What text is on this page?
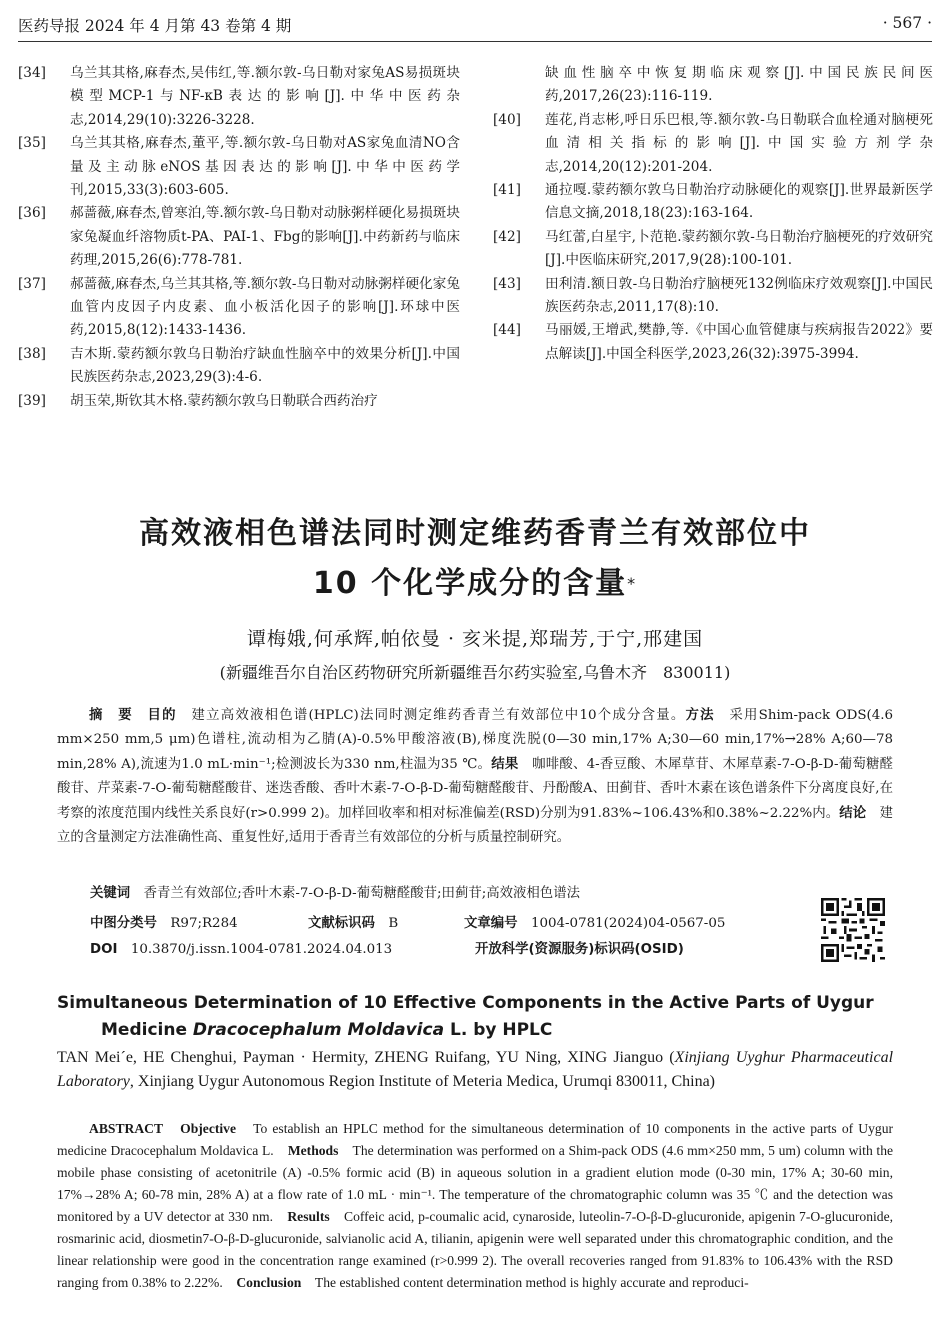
医药导报 2024 年 4 月第 43 卷第 4 期	· 567 ·
[34]	乌兰其其格,麻春杰,吴伟红,等.额尔敦-乌日勒对家兔AS易损斑块模型MCP-1与NF-κB表达的影响[J].中华中医药杂志,2014,29(10):3226-3228.
[35]	乌兰其其格,麻春杰,董平,等.额尔敦-乌日勒对AS家兔血清NO含量及主动脉eNOS基因表达的影响[J].中华中医药学刊,2015,33(3):603-605.
[36]	郝蔷薇,麻春杰,曾寒泊,等.额尔敦-乌日勒对动脉粥样硬化易损斑块家兔凝血纤溶物质t-PA、PAI-1、Fbg的影响[J].中药新药与临床药理,2015,26(6):778-781.
[37]	郝蔷薇,麻春杰,乌兰其其格,等.额尔敦-乌日勒对动脉粥样硬化家兔血管内皮因子内皮素、血小板活化因子的影响[J].环球中医药,2015,8(12):1433-1436.
[38]	吉木斯.蒙药额尔敦乌日勒治疗缺血性脑卒中的效果分析[J].中国民族医药杂志,2023,29(3):4-6.
[39]	胡玉荣,斯钦其木格.蒙药额尔敦乌日勒联合西药治疗
缺血性脑卒中恢复期临床观察[J].中国民族民间医药,2017,26(23):116-119.
[40]	莲花,肖志彬,呼日乐巴根,等.额尔敦-乌日勒联合血栓通对脑梗死血清相关指标的影响[J].中国实验方剂学杂志,2014,20(12):201-204.
[41]	通拉嘎.蒙药额尔敦乌日勒治疗动脉硬化的观察[J].世界最新医学信息文摘,2018,18(23):163-164.
[42]	马红蕾,白星宇,卜范艳.蒙药额尔敦-乌日勒治疗脑梗死的疗效研究[J].中医临床研究,2017,9(28):100-101.
[43]	田利清.额日敦-乌日勒治疗脑梗死132例临床疗效观察[J].中国民族医药杂志,2011,17(8):10.
[44]	马丽媛,王增武,樊静,等.《中国心血管健康与疾病报告2022》要点解读[J].中国全科医学,2023,26(32):3975-3994.
高效液相色谱法同时测定维药香青兰有效部位中
10 个化学成分的含量*
谭梅娥,何承辉,帕依曼 · 亥米提,郑瑞芳,于宁,邢建国
(新疆维吾尔自治区药物研究所新疆维吾尔药实验室,乌鲁木齐　830011)
摘　要　 目的　 建立高效液相色谱(HPLC)法同时测定维药香青兰有效部位中10个成分含量。方法　 采用Shim-pack ODS(4.6 mm×250 mm,5 μm)色谱柱,流动相为乙腈(A)-0.5%甲酸溶液(B),梯度洗脱(0—30 min,17% A;30—60 min,17%→28% A;60—78 min,28% A),流速为1.0 mL·min⁻¹;检测波长为330 nm,柱温为35 ℃。结果　 咖啡酸、4-香豆酸、木犀草苷、木犀草素-7-O-β-D-葡萄糖醛酸苷、芹菜素-7-O-葡萄糖醛酸苷、迷迭香酸、香叶木素-7-O-β-D-葡萄糖醛酸苷、丹酚酸A、田蓟苷、香叶木素在该色谱条件下分离度良好,在考察的浓度范围内线性关系良好(r>0.999 2)。加样回收率和相对标准偏差(RSD)分别为91.83%~106.43%和0.38%~2.22%内。结论　 建立的含量测定方法准确性高、重复性好,适用于香青兰有效部位的分析与质量控制研究。
关键词　 香青兰有效部位;香叶木素-7-O-β-D-葡萄糖醛酸苷;田蓟苷;高效液相色谱法
中图分类号　 R97;R284	文献标识码　 B	文章编号　 1004-0781(2024)04-0567-05
DOI　 10.3870/j.issn.1004-0781.2024.04.013	开放科学(资源服务)标识码(OSID)
Simultaneous Determination of 10 Effective Components in the Active Parts of Uygur
Medicine Dracocephalum Moldavica L. by HPLC
TAN Mei´e, HE Chenghui, Payman · Hermity, ZHENG Ruifang, YU Ning, XING Jianguo (Xinjiang Uyghur Pharmaceutical Laboratory, Xinjiang Uygur Autonomous Region Institute of Meteria Medica, Urumqi 830011, China)
ABSTRACT　 Objective　 To establish an HPLC method for the simultaneous determination of 10 components in the active parts of Uygur medicine Dracocephalum Moldavica L.　 Methods　 The determination was performed on a Shim-pack ODS (4.6 mm×250 mm, 5 um) column with the mobile phase consisting of acetonitrile (A) -0.5% formic acid (B) in aqueous solution in a gradient elution mode (0-30 min, 17% A; 30-60 min, 17%→28% A; 60-78 min, 28% A) at a flow rate of 1.0 mL · min⁻¹. The temperature of the chromatographic column was 35 ℃ and the detection was monitored by a UV detector at 330 nm.　 Results　 Coffeic acid, p-coumalic acid, cynaroside, luteolin-7-O-β-D-glucuronide, apigenin 7-O-glucuronide, rosmarinic acid, diosmetin7-O-β-D-glucuronide, salvianolic acid A, tilianin, apigenin were well separated under this chromatographic condition, and the linear relationship were good in the concentration range examined (r>0.999 2). The overall recoveries ranged from 91.83% to 106.43% with the RSD ranging from 0.38% to 2.22%.　 Conclusion　 The established content determination method is highly accurate and reproduci-
